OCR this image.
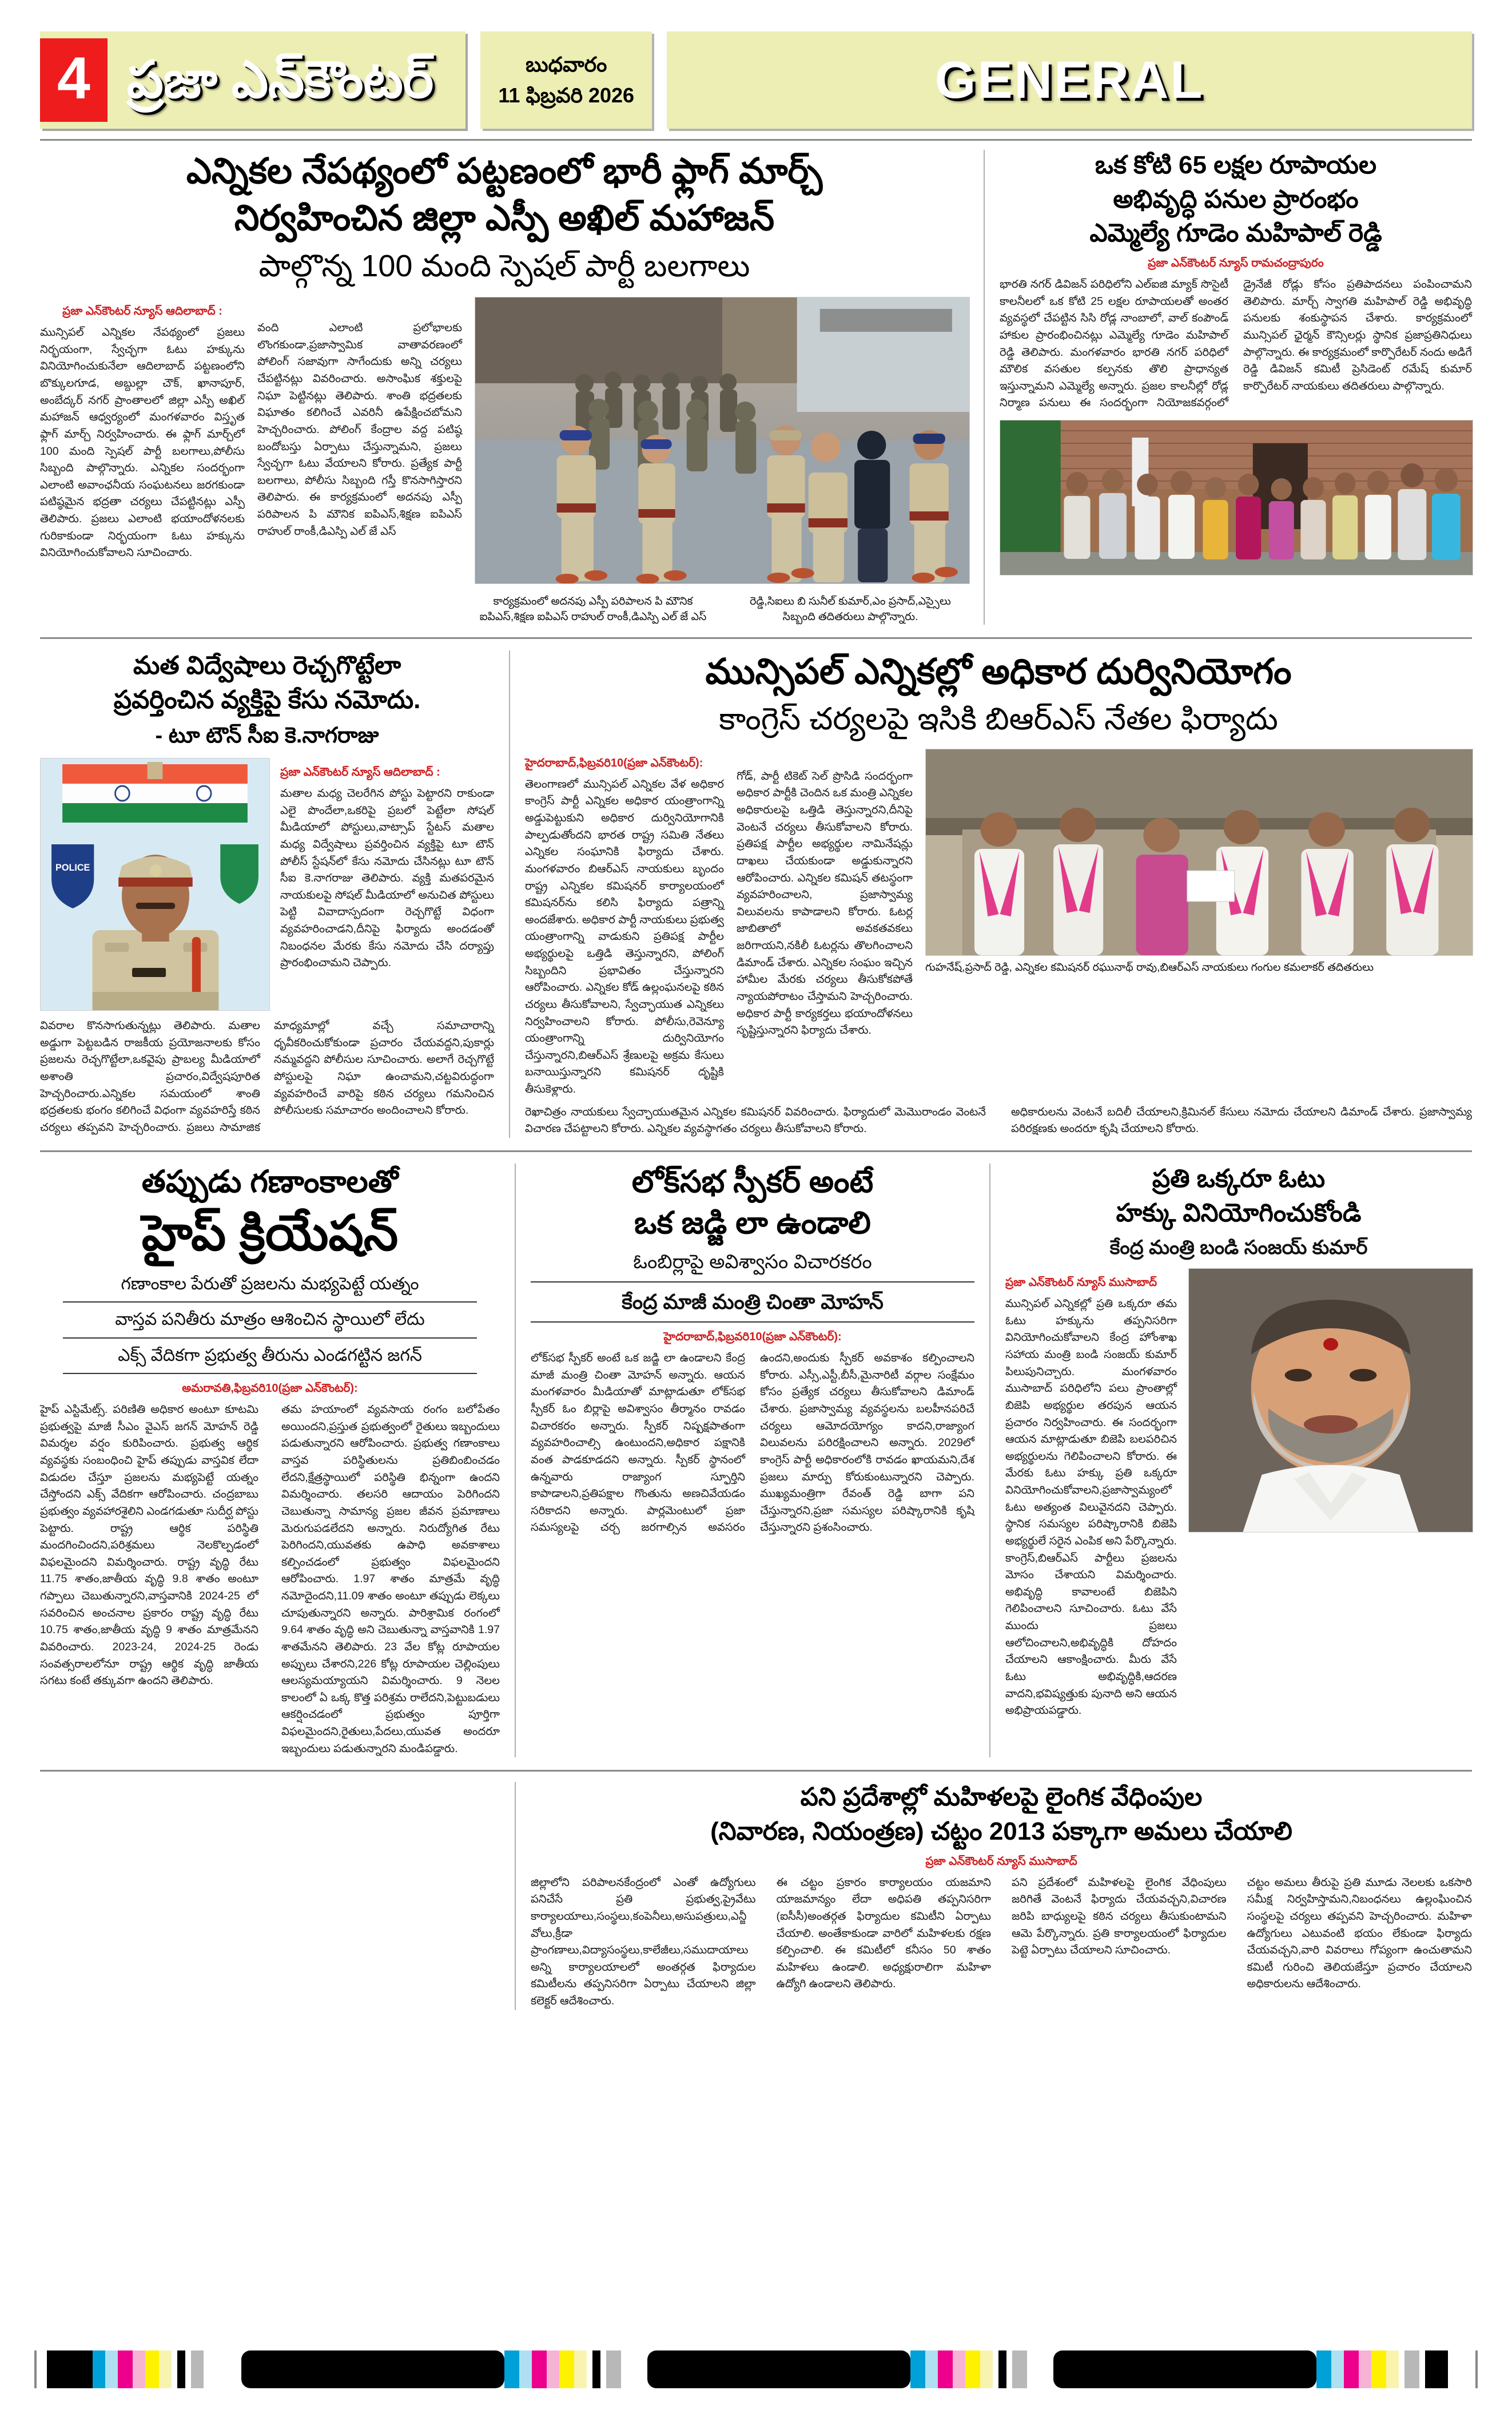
4 ప్రజా ఎన్‌కౌంటర్	బుధవారం
11 ఫిబ్రవరి 2026	GENERAL
ఎన్నికల నేపథ్యంలో పట్టణంలో భారీ ఫ్లాగ్ మార్చ్
నిర్వహించిన జిల్లా ఎస్పీ అఖిల్ మహాజన్
పాల్గొన్న 100 మంది స్పెషల్ పార్టీ బలగాలు
ప్రజా ఎన్‌కౌంటర్ న్యూస్ ఆదిలాబాద్ :
మున్సిపల్ ఎన్నికల నేపథ్యంలో ప్రజలు నిర్భయంగా, స్వేచ్ఛగా ఓటు హక్కును వినియోగించుకునేలా ఆదిలాబాద్ పట్టణంలోని బొక్కులగూడ, అబ్దుల్లా చౌక్, ఖానాపూర్, అంబేద్కర్ నగర్ ప్రాంతాలలో జిల్లా ఎస్పీ అఖిల్ మహాజన్ ఆధ్వర్యంలో మంగళవారం విస్తృత ఫ్లాగ్ మార్చ్ నిర్వహించారు. ఈ ఫ్లాగ్ మార్చ్‌లో 100 మంది స్పెషల్ పార్టీ బలగాలు,పోలీసు సిబ్బంది పాల్గొన్నారు. ఎన్నికల సందర్భంగా ఎలాంటి అవాంఛనీయ సంఘటనలు జరగకుండా పటిష్ఠమైన భద్రతా చర్యలు చేపట్టినట్లు ఎస్పీ తెలిపారు. ప్రజలు ఎలాంటి భయాందోళనలకు గురికాకుండా నిర్భయంగా ఓటు హక్కును వినియోగించుకోవాలని సూచించారు.
వంది ఎలాంటి ప్రలోభాలకు లొంగకుండా,ప్రజాస్వామిక వాతావరణంలో పోలింగ్ సజావుగా సాగేందుకు అన్ని చర్యలు చేపట్టినట్లు వివరించారు. అసాంఘిక శక్తులపై నిఘా పెట్టినట్లు తెలిపారు. శాంతి భద్రతలకు విఘాతం కలిగించే ఎవరినీ ఉపేక్షించబోమని హెచ్చరించారు. పోలింగ్ కేంద్రాల వద్ద పటిష్ఠ బందోబస్తు ఏర్పాటు చేస్తున్నామని, ప్రజలు స్వేచ్ఛగా ఓటు వేయాలని కోరారు. ప్రత్యేక పార్టీ బలగాలు, పోలీసు సిబ్బంది గస్తీ కొనసాగిస్తారని తెలిపారు. ఈ కార్యక్రమంలో అదనపు ఎస్పీ పరిపాలన పి మౌనిక ఐపిఎస్,శిక్షణ ఐపిఎస్ రాహుల్ రాంకీ,డిఎస్పి ఎల్ జే ఎస్
కార్యక్రమంలో అదనపు ఎస్పీ పరిపాలన పి మౌనిక ఐపిఎస్,శిక్షణ ఐపిఎస్ రాహుల్ రాంకీ,డిఎస్పి ఎల్ జే ఎస్
రెడ్డి,సిఐలు బి సునీల్ కుమార్,ఎం ప్రసాద్,ఎస్సైలు సిబ్బంది తదితరులు పాల్గొన్నారు.
ఒక కోటి 65 లక్షల రూపాయల
అభివృద్ధి పనుల ప్రారంభం
ఎమ్మెల్యే గూడెం మహిపాల్ రెడ్డి
ప్రజా ఎన్‌కౌంటర్ న్యూస్ రామచంద్రాపురం
భారతి నగర్ డివిజన్ పరిధిలోని ఎల్ఐజి మ్యాక్ సొసైటీ కాలనీలలో ఒక కోటి 25 లక్షల రూపాయలతో అంతర వ్యవస్థలో చేపట్టిన సిసి రోడ్ల నాంబాలో, వాల్ కంపౌండ్ హాకుల ప్రారంభించినట్లు ఎమ్మెల్యే గూడెం మహిపాల్ రెడ్డి తెలిపారు. మంగళవారం భారతి నగర్ పరిధిలో మౌలిక వసతుల కల్పనకు తొలి ప్రాధాన్యత ఇస్తున్నామని ఎమ్మెల్యే అన్నారు. ప్రజల కాలనీల్లో రోడ్ల నిర్మాణ పనులు ఈ సందర్భంగా నియోజకవర్గంలో డ్రైనేజీ రోడ్లు కోసం ప్రతిపాదనలు పంపించామని తెలిపారు. మార్చ్ స్వాగతి మహిపాల్ రెడ్డి అభివృద్ధి పనులకు శంకుస్థాపన చేశారు. కార్యక్రమంలో మున్సిపల్ ఛైర్మన్ కౌన్సిలర్లు స్థానిక ప్రజాప్రతినిధులు పాల్గొన్నారు. ఈ కార్యక్రమంలో కార్పొరేటర్ నందు అడిగే రెడ్డి డివిజన్ కమిటీ ప్రెసిడెంట్ రమేష్ కుమార్ కార్పొరేటర్ నాయకులు తదితరులు పాల్గొన్నారు.
మత విద్వేషాలు రెచ్చగొట్టేలా
ప్రవర్తించిన వ్యక్తిపై కేసు నమోదు.
- టూ టౌన్ సీఐ కె.నాగరాజు
POLICE
ప్రజా ఎన్‌కౌంటర్ న్యూస్ ఆదిలాబాద్ :
మతాల మధ్య చెలరేగిన పోస్టు పెట్టారని రాకుండా ఎలై పొందేలా,ఒకరిపై ప్రబలో పెట్టేలా సోషల్ మీడియాలో పోస్టులు,వాట్సాప్ స్టేటస్ మతాల మధ్య విద్వేషాలు ప్రవర్తించిన వ్యక్తిపై టూ టౌన్ పోలీస్ స్టేషన్‌లో కేసు నమోదు చేసినట్లు టూ టౌన్ సీఐ కె.నాగరాజు తెలిపారు. వ్యక్తి మతపరమైన నాయకులపై సోషల్ మీడియాలో అనుచిత పోస్టులు పెట్టి వివాదాస్పదంగా రెచ్చగొట్టే విధంగా వ్యవహరించాడని,దీనిపై ఫిర్యాదు అందడంతో నిబంధనల మేరకు కేసు నమోదు చేసి దర్యాప్తు ప్రారంభించామని చెప్పారు.
వివరాల కొనసాగుతున్నట్లు తెలిపారు. మతాల అడ్డుగా పెట్టబడిన రాజకీయ ప్రయోజనాలకు కోసం ప్రజలను రెచ్చగొట్టేలా,ఒకవైపు ప్రాబల్య మీడియాలో అశాంతి ప్రచారం,విద్వేషపూరిత హెచ్చరించారు.ఎన్నికల సమయంలో శాంతి భద్రతలకు భంగం కలిగించే విధంగా వ్యవహరిస్తే కఠిన చర్యలు తప్పవని హెచ్చరించారు. ప్రజలు సామాజిక మాధ్యమాల్లో వచ్చే సమాచారాన్ని ధృవీకరించుకోకుండా ప్రచారం చేయవద్దని,పుకార్లు నమ్మవద్దని పోలీసుల సూచించారు. అలాగే రెచ్చగొట్టే పోస్టులపై నిఘా ఉంచామని,చట్టవిరుద్ధంగా వ్యవహరించే వారిపై కఠిన చర్యలు గమనించిన పోలీసులకు సమాచారం అందించాలని కోరారు.
మున్సిపల్ ఎన్నికల్లో అధికార దుర్వినియోగం
కాంగ్రెస్ చర్యలపై ఇసికి బిఆర్ఎస్ నేతల ఫిర్యాదు
హైదరాబాద్,ఫిబ్రవరి10(ప్రజా ఎన్‌కౌంటర్):
తెలంగాణలో మున్సిపల్ ఎన్నికల వేళ అధికార కాంగ్రెస్ పార్టీ ఎన్నికల అధికార యంత్రాంగాన్ని అడ్డుపెట్టుకుని అధికార దుర్వినియోగానికి పాల్పడుతోందని భారత రాష్ట్ర సమితి నేతలు ఎన్నికల సంఘానికి ఫిర్యాదు చేశారు. మంగళవారం బిఆర్ఎస్ నాయకులు బృందం రాష్ట్ర ఎన్నికల కమిషనర్ కార్యాలయంలో కమిషనర్‌ను కలిసి ఫిర్యాదు పత్రాన్ని అందజేశారు. అధికార పార్టీ నాయకులు ప్రభుత్వ యంత్రాంగాన్ని వాడుకుని ప్రతిపక్ష పార్టీల అభ్యర్థులపై ఒత్తిడి తెస్తున్నారని, పోలింగ్ సిబ్బందిని ప్రభావితం చేస్తున్నారని ఆరోపించారు. ఎన్నికల కోడ్ ఉల్లంఘనలపై కఠిన చర్యలు తీసుకోవాలని, స్వేచ్ఛాయుత ఎన్నికలు నిర్వహించాలని కోరారు. పోలీసు,రెవెన్యూ యంత్రాంగాన్ని దుర్వినియోగం చేస్తున్నారని,బిఆర్ఎస్ శ్రేణులపై అక్రమ కేసులు బనాయిస్తున్నారని కమిషనర్ దృష్టికి తీసుకెళ్లారు.
గోడ్, పార్టీ టికెట్ సెల్ ప్రొసిడి సందర్భంగా అధికార పార్టీకి చెందిన ఒక మంత్రి ఎన్నికల అధికారులపై ఒత్తిడి తెస్తున్నారని,దీనిపై వెంటనే చర్యలు తీసుకోవాలని కోరారు. ప్రతిపక్ష పార్టీల అభ్యర్థుల నామినేషన్లు దాఖలు చేయకుండా అడ్డుకున్నారని ఆరోపించారు. ఎన్నికల కమిషన్ తటస్థంగా వ్యవహరించాలని, ప్రజాస్వామ్య విలువలను కాపాడాలని కోరారు. ఓటర్ల జాబితాలో అవకతవకలు జరిగాయని,నకిలీ ఓటర్లను తొలగించాలని డిమాండ్ చేశారు. ఎన్నికల సంఘం ఇచ్చిన హామీల మేరకు చర్యలు తీసుకోకపోతే న్యాయపోరాటం చేస్తామని హెచ్చరించారు. అధికార పార్టీ కార్యకర్తలు భయాందోళనలు సృష్టిస్తున్నారని ఫిర్యాదు చేశారు.
గుహనేష్,ప్రసాద్ రెడ్డి, ఎన్నికల కమిషనర్ రఘునాథ్ రావు,బిఆర్ఎస్ నాయకులు గంగుల కమలాకర్ తదితరులు
రెఖాచిత్రం నాయకులు స్వేచ్ఛాయుతమైన ఎన్నికల కమిషనర్ వివరించారు. ఫిర్యాదులో మెమొరాండం వెంటనే విచారణ చేపట్టాలని కోరారు. ఎన్నికల వ్యవస్థాగతం చర్యలు తీసుకోవాలని కోరారు.
అధికారులను వెంటనే బదిలీ చేయాలని,క్రిమినల్ కేసులు నమోదు చేయాలని డిమాండ్ చేశారు. ప్రజాస్వామ్య పరిరక్షణకు అందరూ కృషి చేయాలని కోరారు.
తప్పుడు గణాంకాలతో
హైప్ క్రియేషన్
గణాంకాల పేరుతో ప్రజలను మభ్యపెట్టే యత్నం
వాస్తవ పనితీరు మాత్రం ఆశించిన స్థాయిలో లేదు
ఎక్స్ వేదికగా ప్రభుత్వ తీరును ఎండగట్టిన జగన్
అమరావతి,ఫిబ్రవరి10(ప్రజా ఎన్‌కౌంటర్):
హైప్ ఎస్టిమేట్స్. పరిణితి అధికార అంటూ కూటమి ప్రభుత్వపై మాజీ సీఎం వైఎస్ జగన్ మోహన్ రెడ్డి విమర్శల వర్షం కురిపించారు. ప్రభుత్వ ఆర్థిక వ్యవస్థకు సంబంధించి హైప్ తప్పుడు వాస్తవిక లేదా విడుదల చేస్తూ ప్రజలను మభ్యపెట్టే యత్నం చేస్తోందని ఎక్స్ వేదికగా ఆరోపించారు. చంద్రబాబు ప్రభుత్వం వ్యవహారశైలిని ఎండగడుతూ సుదీర్ఘ పోస్టు పెట్టారు. రాష్ట్ర ఆర్థిక పరిస్థితి మందగించిందని,పరిశ్రమలు నెలకొల్పడంలో విఫలమైందని విమర్శించారు. రాష్ట్ర వృద్ధి రేటు 11.75 శాతం,జాతీయ వృద్ధి 9.8 శాతం అంటూ గప్పాలు చెబుతున్నారని,వాస్తవానికి 2024-25 లో సవరించిన అంచనాల ప్రకారం రాష్ట్ర వృద్ధి రేటు 10.75 శాతం,జాతీయ వృద్ధి 9 శాతం మాత్రమేనని వివరించారు. 2023-24, 2024-25 రెండు సంవత్సరాలలోనూ రాష్ట్ర ఆర్థిక వృద్ధి జాతీయ సగటు కంటే తక్కువగా ఉందని తెలిపారు.
తమ హయాంలో వ్యవసాయ రంగం బలోపేతం అయిందని,ప్రస్తుత ప్రభుత్వంలో రైతులు ఇబ్బందులు పడుతున్నారని ఆరోపించారు. ప్రభుత్వ గణాంకాలు వాస్తవ పరిస్థితులను ప్రతిబింబించడం లేదని,క్షేత్రస్థాయిలో పరిస్థితి భిన్నంగా ఉందని విమర్శించారు. తలసరి ఆదాయం పెరిగిందని చెబుతున్నా సామాన్య ప్రజల జీవన ప్రమాణాలు మెరుగుపడలేదని అన్నారు. నిరుద్యోగిత రేటు పెరిగిందని,యువతకు ఉపాధి అవకాశాలు కల్పించడంలో ప్రభుత్వం విఫలమైందని ఆరోపించారు. 1.97 శాతం మాత్రమే వృద్ధి నమోదైందని,11.09 శాతం అంటూ తప్పుడు లెక్కలు చూపుతున్నారని అన్నారు. పారిశ్రామిక రంగంలో 9.64 శాతం వృద్ధి అని చెబుతున్నా వాస్తవానికి 1.97 శాతమేనని తెలిపారు. 23 వేల కోట్ల రూపాయల అప్పులు చేశారని,226 కోట్ల రూపాయల చెల్లింపులు ఆలస్యమయ్యాయని విమర్శించారు. 9 నెలల కాలంలో ఏ ఒక్క కొత్త పరిశ్రమ రాలేదని,పెట్టుబడులు ఆకర్షించడంలో ప్రభుత్వం పూర్తిగా విఫలమైందని,రైతులు,పేదలు,యువత అందరూ ఇబ్బందులు పడుతున్నారని మండిపడ్డారు.
లోక్‌సభ స్పీకర్ అంటే
ఒక జడ్జి లా ఉండాలి
ఓంబిర్లాపై అవిశ్వాసం విచారకరం
కేంద్ర మాజీ మంత్రి చింతా మోహన్
హైదరాబాద్,ఫిబ్రవరి10(ప్రజా ఎన్‌కౌంటర్):
లోక్‌సభ స్పీకర్ అంటే ఒక జడ్జి లా ఉండాలని కేంద్ర మాజీ మంత్రి చింతా మోహన్ అన్నారు. ఆయన మంగళవారం మీడియాతో మాట్లాడుతూ లోక్‌సభ స్పీకర్ ఓం బిర్లాపై అవిశ్వాసం తీర్మానం రావడం విచారకరం అన్నారు. స్పీకర్ నిష్పక్షపాతంగా వ్యవహరించాల్సి ఉంటుందని,అధికార పక్షానికి వంత పాడకూడదని అన్నారు. స్పీకర్ స్థానంలో ఉన్నవారు రాజ్యాంగ స్ఫూర్తిని కాపాడాలని,ప్రతిపక్షాల గొంతును అణచివేయడం సరికాదని అన్నారు. పార్లమెంటులో ప్రజా సమస్యలపై చర్చ జరగాల్సిన అవసరం ఉందని,అందుకు స్పీకర్ అవకాశం కల్పించాలని కోరారు. ఎస్సీ,ఎస్టీ,బీసీ,మైనారిటీ వర్గాల సంక్షేమం కోసం ప్రత్యేక చర్యలు తీసుకోవాలని డిమాండ్ చేశారు. ప్రజాస్వామ్య వ్యవస్థలను బలహీనపరిచే చర్యలు ఆమోదయోగ్యం కాదని,రాజ్యాంగ విలువలను పరిరక్షించాలని అన్నారు. 2029లో కాంగ్రెస్ పార్టీ అధికారంలోకి రావడం ఖాయమని,దేశ ప్రజలు మార్పు కోరుకుంటున్నారని చెప్పారు. ముఖ్యమంత్రిగా రేవంత్ రెడ్డి బాగా పని చేస్తున్నారని,ప్రజా సమస్యల పరిష్కారానికి కృషి చేస్తున్నారని ప్రశంసించారు.
ప్రతి ఒక్కరూ ఓటు
హక్కు వినియోగించుకోండి
కేంద్ర మంత్రి బండి సంజయ్ కుమార్
ప్రజా ఎన్‌కౌంటర్ న్యూస్ ముసాబాద్
మున్సిపల్ ఎన్నికల్లో ప్రతి ఒక్కరూ తమ ఓటు హక్కును తప్పనిసరిగా వినియోగించుకోవాలని కేంద్ర హోంశాఖ సహాయ మంత్రి బండి సంజయ్ కుమార్ పిలుపునిచ్చారు. మంగళవారం ముసాబాద్ పరిధిలోని పలు ప్రాంతాల్లో బిజెపి అభ్యర్థుల తరపున ఆయన ప్రచారం నిర్వహించారు. ఈ సందర్భంగా ఆయన మాట్లాడుతూ బిజెపి బలపరిచిన అభ్యర్థులను గెలిపించాలని కోరారు. ఈ మేరకు ఓటు హక్కు ప్రతి ఒక్కరూ వినియోగించుకోవాలని,ప్రజాస్వామ్యంలో ఓటు అత్యంత విలువైనదని చెప్పారు. స్థానిక సమస్యల పరిష్కారానికి బిజెపి అభ్యర్థులే సరైన ఎంపిక అని పేర్కొన్నారు. కాంగ్రెస్,బిఆర్ఎస్ పార్టీలు ప్రజలను మోసం చేశాయని విమర్శించారు. అభివృద్ధి కావాలంటే బిజెపిని గెలిపించాలని సూచించారు. ఓటు వేసే ముందు ప్రజలు ఆలోచించాలని,అభివృద్ధికి దోహదం చేయాలని ఆకాంక్షించారు. మీరు వేసే ఓటు అభివృద్ధికి,ఆదరణ వాదని,భవిష్యత్తుకు పునాది అని ఆయన అభిప్రాయపడ్డారు.
పని ప్రదేశాల్లో మహిళలపై లైంగిక వేధింపుల
(నివారణ, నియంత్రణ) చట్టం 2013 పక్కాగా అమలు చేయాలి
ప్రజా ఎన్‌కౌంటర్ న్యూస్ ముసాబాద్
జిల్లాలోని పరిపాలనకేంద్రంలో ఎంతో ఉద్యోగులు పనిచేసే ప్రతి ప్రభుత్వ,ప్రైవేటు కార్యాలయాలు,సంస్థలు,కంపెనీలు,అసుపత్రులు,ఎన్జీవోలు,క్రీడా ప్రాంగణాలు,విద్యాసంస్థలు,కాలేజీలు,సముదాయాలు అన్ని కార్యాలయాలలో అంతర్గత ఫిర్యాదుల కమిటీలను తప్పనిసరిగా ఏర్పాటు చేయాలని జిల్లా కలెక్టర్ ఆదేశించారు.
ఈ చట్టం ప్రకారం కార్యాలయం యజమాని యాజమాన్యం లేదా అధిపతి తప్పనిసరిగా (ఐసీసీ)అంతర్గత ఫిర్యాదుల కమిటీని ఏర్పాటు చేయాలి. అంతేకాకుండా వారిలో మహిళలకు రక్షణ కల్పించాలి. ఈ కమిటీలో కనీసం 50 శాతం మహిళలు ఉండాలి. అధ్యక్షురాలిగా మహిళా ఉద్యోగి ఉండాలని తెలిపారు.
పని ప్రదేశంలో మహిళలపై లైంగిక వేధింపులు జరిగితే వెంటనే ఫిర్యాదు చేయవచ్చని,విచారణ జరిపి బాధ్యులపై కఠిన చర్యలు తీసుకుంటామని ఆమె పేర్కొన్నారు. ప్రతి కార్యాలయంలో ఫిర్యాదుల పెట్టె ఏర్పాటు చేయాలని సూచించారు.
చట్టం అమలు తీరుపై ప్రతి మూడు నెలలకు ఒకసారి సమీక్ష నిర్వహిస్తామని,నిబంధనలు ఉల్లంఘించిన సంస్థలపై చర్యలు తప్పవని హెచ్చరించారు. మహిళా ఉద్యోగులు ఎటువంటి భయం లేకుండా ఫిర్యాదు చేయవచ్చని,వారి వివరాలు గోప్యంగా ఉంచుతామని కమిటీ గురించి తెలియజేస్తూ ప్రచారం చేయాలని అధికారులను ఆదేశించారు.
